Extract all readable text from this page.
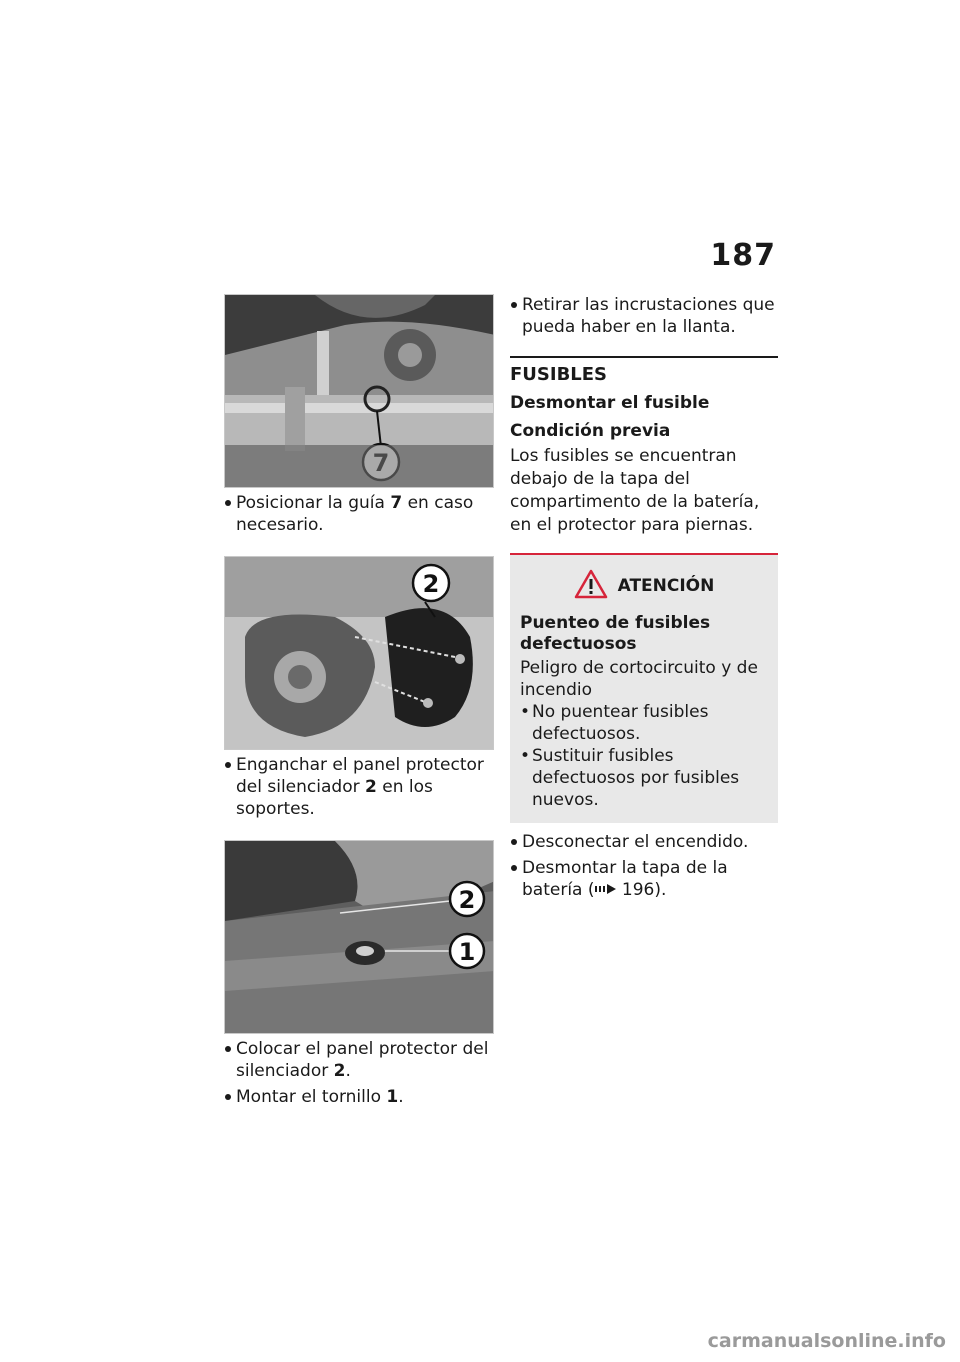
187
Posicionar la guía 7 en caso necesario.
2
Enganchar el panel protector del silenciador 2 en los soportes.
2
1
Colocar el panel protector del silenciador 2.
Montar el tornillo 1.
Retirar las incrustaciones que pueda haber en la llanta.
FUSIBLES
Desmontar el fusible
Condición previa
Los fusibles se encuentran debajo de la tapa del compartimento de la batería, en el protector para piernas.
ATENCIÓN
Puenteo de fusibles defectuosos
Peligro de cortocircuito y de incendio
• No puentear fusibles defectuosos.
• Sustituir fusibles defectuosos por fusibles nuevos.
Desconectar el encendido.
Desmontar la tapa de la batería ( 196).
carmanualsonline.info
